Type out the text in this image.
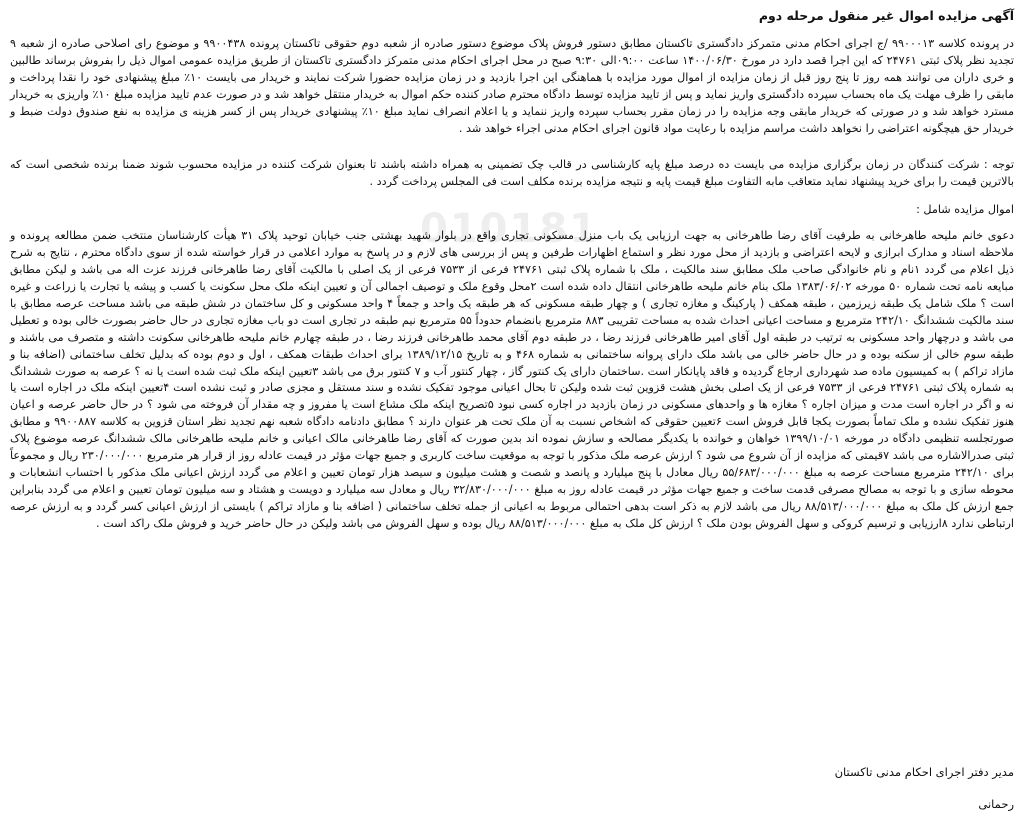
010181
آگهی مزایده اموال غیر منقول مرحله دوم

در پرونده کلاسه ۹۹۰۰۰۱۳ /ج اجرای احکام مدنی متمرکز دادگستری تاکستان مطابق دستور فروش پلاک موضوع دستور صادره از شعبه دوم حقوقی تاکستان پرونده ۹۹۰۰۴۳۸ و موضوع رای اصلاحی صادره از شعبه ۹ تجدید نظر پلاک ثبتی ۲۴۷۶۱ که این اجرا قصد دارد در مورخ ۱۴۰۰/۰۶/۳۰ ساعت ۰۹:۰۰الی ۹:۳۰ صبح در محل اجرای احکام مدنی متمرکز دادگستری تاکستان از طریق مزایده عمومی اموال ذیل را بفروش برساند طالبین و خری داران می توانند همه روز تا پنج روز قبل از زمان مزایده از اموال مورد مزایده با هماهنگی این اجرا بازدید و در زمان مزایده حضورا شرکت نمایند و خریدار می بایست ۱۰٪ مبلغ پیشنهادی خود را نقدا پرداخت و مابقی را ظرف مهلت یک ماه بحساب سپرده دادگستری واریز نماید و پس از تایید مزایده توسط دادگاه محترم صادر کننده حکم اموال به خریدار منتقل خواهد شد و در صورت عدم تایید مزایده مبلغ ۱۰٪ واریزی به خریدار مسترد خواهد شد و در صورتی که خریدار مابقی وجه مزایده را در زمان مقرر بحساب سپرده واریز ننماید و یا اعلام انصراف نماید مبلغ ۱۰٪ پیشنهادی خریدار پس از کسر هزینه ی مزایده به نفع صندوق دولت ضبط و خریدار حق هیچگونه اعتراضی را نخواهد داشت مراسم مزایده با رعایت مواد قانون اجرای احکام مدنی اجراء خواهد شد .

توجه : شرکت کنندگان در زمان برگزاری مزایده می بایست ده درصد مبلغ پایه کارشناسی در قالب چک تضمینی به همراه داشته باشند تا بعنوان شرکت کننده در مزایده محسوب شوند ضمنا برنده شخصی است که بالاترین قیمت را برای خرید پیشنهاد نماید متعاقب مابه التفاوت مبلغ قیمت پایه و نتیجه مزایده برنده مکلف است فی المجلس پرداخت گردد .

اموال مزایده شامل :

دعوی خانم ملیحه طاهرخانی به طرفیت آقای رضا طاهرخانی به جهت ارزیابی یک باب منزل مسکونی تجاری واقع در بلوار شهید بهشتی جنب خیابان توحید پلاک ۳۱ هیأت کارشناسان منتخب ضمن مطالعه پرونده و ملاحظه اسناد و مدارک ابرازی و لایحه اعتراضی و بازدید از محل مورد نظر و استماع اظهارات طرفین و پس از بررسی های لازم و در پاسخ به موارد اعلامی در قرار خواسته شده از سوی دادگاه محترم ، نتایج به شرح ذیل اعلام می گردد ۱نام و نام خانوادگی صاحب ملک مطابق سند مالکیت ، ملک با شماره پلاک ثبتی ۲۴۷۶۱ فرعی از ۷۵۳۳ فرعی از یک اصلی با مالکیت آقای رضا طاهرخانی فرزند عزت اله می باشد و لیکن مطابق مبایعه نامه تحت شماره ۵۰ مورخه ۱۳۸۳/۰۶/۰۲ ملک بنام خانم ملیحه طاهرخانی انتقال داده شده است ۲محل وقوع ملک و توصیف اجمالی آن و تعیین اینکه ملک محل سکونت یا کسب و پیشه یا تجارت یا زراعت و غیره است ؟ ملک شامل یک طبقه زیرزمین ، طبقه همکف ( پارکینگ و مغازه تجاری ) و چهار طبقه مسکونی که هر طبقه یک واحد و جمعاً ۴ واحد مسکونی و کل ساختمان در شش طبقه می باشد مساحت عرصه مطابق با سند مالکیت ششدانگ ۲۴۲/۱۰ مترمربع و مساحت اعیانی احداث شده به مساحت تقریبی ۸۸۳ مترمربع بانضمام حدوداً ۵۵ مترمربع نیم طبقه در تجاری است دو باب مغازه تجاری در حال حاضر بصورت خالی بوده و تعطیل می باشد و درچهار واحد مسکونی به ترتیب در طبقه اول آقای امیر طاهرخانی فرزند رضا ، در طبقه دوم آقای محمد طاهرخانی فرزند رضا ، در طبقه چهارم خانم ملیحه طاهرخانی سکونت داشته و متصرف می باشند و طبقه سوم خالی از سکنه بوده و در حال حاضر خالی می باشد ملک دارای پروانه ساختمانی به شماره ۴۶۸ و به تاریخ ۱۳۸۹/۱۲/۱۵ برای احداث طبقات همکف ، اول و دوم بوده که بدلیل تخلف ساختمانی (اضافه بنا و مازاد تراکم ) به کمیسیون ماده صد شهرداری ارجاع گردیده و فاقد پایانکار است .ساختمان دارای یک کنتور گاز ، چهار کنتور آب و ۷ کنتور برق می باشد ۳تعیین اینکه ملک ثبت شده است یا نه ؟ عرصه به صورت ششدانگ به شماره پلاک ثبتی ۲۴۷۶۱ فرعی از ۷۵۳۳ فرعی از یک اصلی بخش هشت قزوین ثبت شده ولیکن تا بحال اعیانی موجود تفکیک نشده و سند مستقل و مجزی صادر و ثبت نشده است ۴تعیین اینکه ملک در اجاره است یا نه و اگر در اجاره است مدت و میزان اجاره ؟ مغازه ها و واحدهای مسکونی در زمان بازدید در اجاره کسی نبود ۵تصریح اینکه ملک مشاع است یا مفروز و چه مقدار آن فروخته می شود ؟ در حال حاضر عرصه و اعیان هنوز تفکیک نشده و ملک تماماً بصورت یکجا قابل فروش است ۶تعیین حقوقی که اشخاص نسبت به آن ملک تحت هر عنوان دارند ؟ مطابق دادنامه دادگاه شعبه نهم تجدید نظر استان قزوین به کلاسه ۹۹۰۰۸۸۷ و مطابق صورتجلسه تنظیمی دادگاه در مورخه ۱۳۹۹/۱۰/۰۱ خواهان و خوانده با یکدیگر مصالحه و سازش نموده اند بدین صورت که آقای رضا طاهرخانی مالک اعیانی و خانم ملیحه طاهرخانی مالک ششدانگ عرصه موضوع پلاک ثبتی صدرالاشاره می باشد ۷قیمتی که مزایده از آن شروع می شود ؟ ارزش عرصه ملک مذکور با توجه به موقعیت ساخت کاربری و جمیع جهات مؤثر در قیمت عادله روز از قرار هر مترمربع ۲۳۰/۰۰۰/۰۰۰ ریال و مجموعاً برای ۲۴۲/۱۰ مترمربع مساحت عرصه به مبلغ ۵۵/۶۸۳/۰۰۰/۰۰۰ ریال معادل با پنج میلیارد و پانصد و شصت و هشت میلیون و سیصد هزار تومان تعیین و اعلام می گردد ارزش اعیانی ملک مذکور با احتساب انشعابات و محوطه سازی و با توجه به مصالح مصرفی قدمت ساخت و جمیع جهات مؤثر در قیمت عادله روز به مبلغ ۳۲/۸۳۰/۰۰۰/۰۰۰ ریال و معادل سه میلیارد و دویست و هشتاد و سه میلیون تومان تعیین و اعلام می گردد بنابراین جمع ارزش کل ملک به مبلغ ۸۸/۵۱۳/۰۰۰/۰۰۰ ریال می باشد لازم به ذکر است بدهی احتمالی مربوط به اعیانی از جمله تخلف ساختمانی ( اضافه بنا و مازاد تراکم ) بایستی از ارزش اعیانی کسر گردد و به ارزش عرصه ارتباطی ندارد ۸ارزیابی و ترسیم کروکی و سهل الفروش بودن ملک ؟ ارزش کل ملک به مبلغ ۸۸/۵۱۳/۰۰۰/۰۰۰ ریال بوده و سهل الفروش می باشد ولیکن در حال حاضر خرید و فروش ملک راکد است .

مدیر دفتر اجرای احکام مدنی تاکستان
رحمانی
